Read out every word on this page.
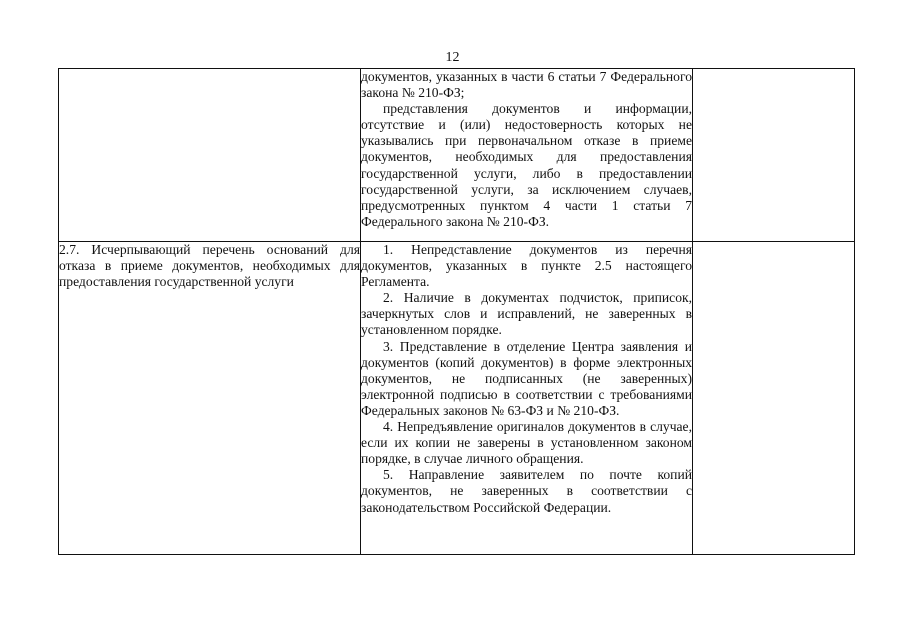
12

	документов, указанных в части 6 статьи 7 Федерального закона № 210-ФЗ;

представления документов и информации, отсутствие и (или) недостоверность которых не указывались при первоначальном отказе в приеме документов, необходимых для предоставления государственной услуги, либо в предоставлении государственной услуги, за исключением случаев, предусмотренных пунктом 4 части 1 статьи 7 Федерального закона № 210-ФЗ.	

2.7. Исчерпывающий перечень оснований для отказа в приеме документов, необходимых для предоставления государственной услуги	1. Непредставление документов из перечня документов, указанных в пункте 2.5 настоящего Регламента.

2. Наличие в документах подчисток, приписок, зачеркнутых слов и исправлений, не заверенных в установленном порядке.

3. Представление в отделение Центра заявления и документов (копий документов) в форме электронных документов, не подписанных (не заверенных) электронной подписью в соответствии с требованиями Федеральных законов № 63-ФЗ и № 210-ФЗ.

4. Непредъявление оригиналов документов в случае, если их копии не заверены в установленном законом порядке, в случае личного обращения.

5. Направление заявителем по почте копий документов, не заверенных в соответствии с законодательством Российской Федерации.	
